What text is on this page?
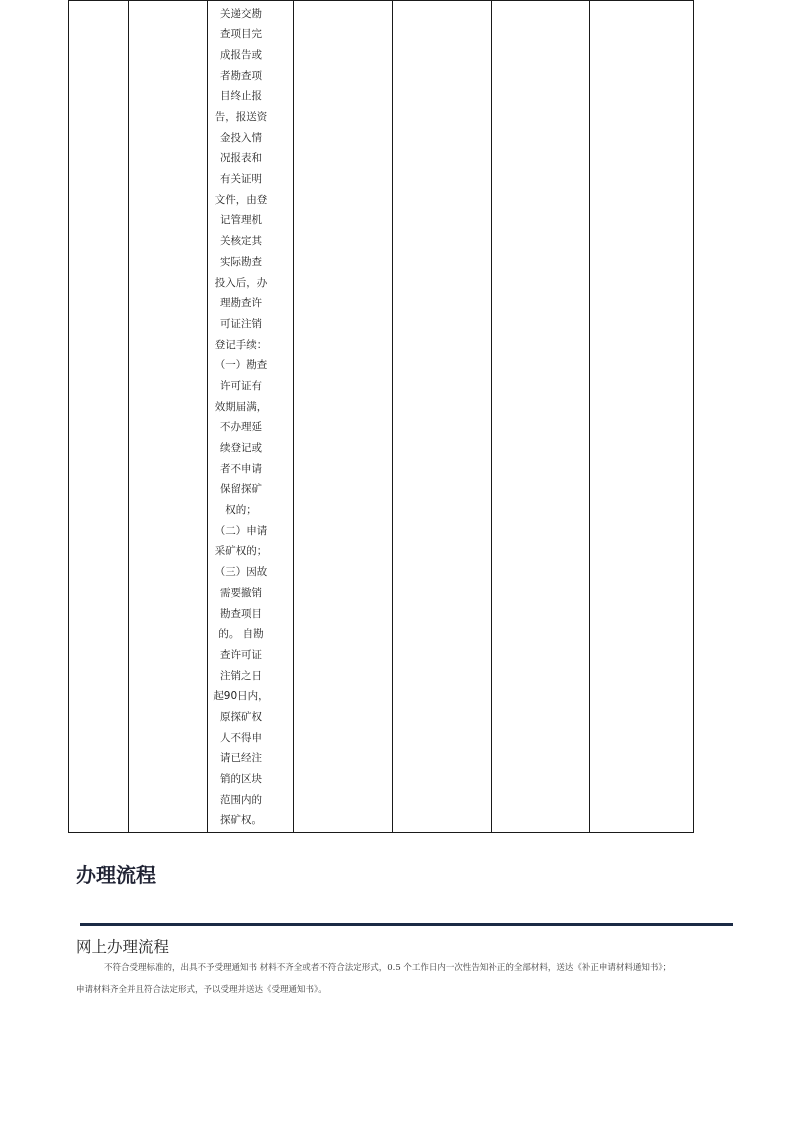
关递交勘
查项目完
成报告或
者勘查项
目终止报
告，报送资
金投入情
况报表和
有关证明
文件，由登
记管理机
关核定其
实际勘查
投入后，办
理勘查许
可证注销
登记手续：
（一）勘查
许可证有
效期届满，
不办理延
续登记或
者不申请
保留探矿
权的；
（二）申请
采矿权的；
（三）因故
需要撤销
勘查项目
的。 自勘
查许可证
注销之日
起90日内，
原探矿权
人不得申
请已经注
销的区块
范围内的
探矿权。
办理流程
网上办理流程
不符合受理标准的，出具不予受理通知书 材料不齐全或者不符合法定形式，0.5 个工作日内一次性告知补正的全部材料，送达《补正申请材料通知书》；
申请材料齐全并且符合法定形式，予以受理并送达《受理通知书》。
